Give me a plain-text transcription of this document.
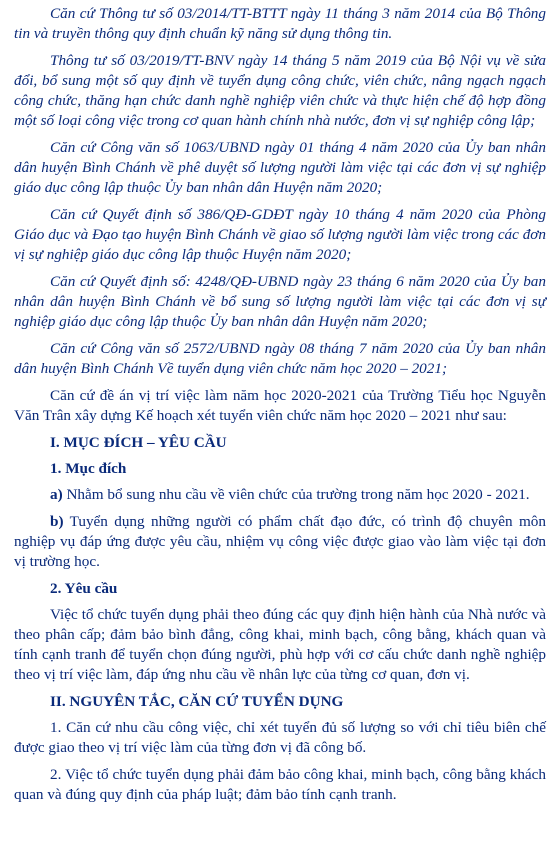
Căn cứ Thông tư số 03/2014/TT-BTTT ngày 11 tháng 3 năm 2014 của Bộ Thông tin và truyền thông quy định chuẩn kỹ năng sử dụng thông tin.

Thông tư số 03/2019/TT-BNV ngày 14 tháng 5 năm 2019 của Bộ Nội vụ về sửa đổi, bổ sung một số quy định về tuyển dụng công chức, viên chức, nâng ngạch ngạch công chức, thăng hạn chức danh nghề nghiệp viên chức và thực hiện chế độ hợp đồng một số loại công việc trong cơ quan hành chính nhà nước, đơn vị sự nghiệp công lập;

Căn cứ Công văn số 1063/UBND ngày 01 tháng 4 năm 2020 của Ủy ban nhân dân huyện Bình Chánh về phê duyệt số lượng người làm việc tại các đơn vị sự nghiệp giáo dục công lập thuộc Ủy ban nhân dân Huyện năm 2020;

Căn cứ Quyết định số 386/QĐ-GDĐT ngày 10 tháng 4 năm 2020 của Phòng Giáo dục và Đạo tạo huyện Bình Chánh về giao số lượng người làm việc trong các đơn vị sự nghiệp giáo dục công lập thuộc Huyện năm 2020;

Căn cứ Quyết định số: 4248/QĐ-UBND ngày 23 tháng 6 năm 2020 của Ủy ban nhân dân huyện Bình Chánh về bổ sung số lượng người làm việc tại các đơn vị sự nghiệp giáo dục công lập thuộc Ủy ban nhân dân Huyện năm 2020;

Căn cứ Công văn số 2572/UBND ngày 08 tháng 7 năm 2020 của Ủy ban nhân dân huyện Bình Chánh Về tuyển dụng viên chức năm học 2020 – 2021;

Căn cứ đề án vị trí việc làm năm học 2020-2021 của Trường Tiểu học Nguyễn Văn Trân xây dựng Kế hoạch xét tuyển viên chức năm học 2020 – 2021 như sau:

I. MỤC ĐÍCH – YÊU CẦU
1. Mục đích

a) Nhằm bổ sung nhu cầu về viên chức của trường trong năm học 2020 - 2021.

b) Tuyển dụng những người có phẩm chất đạo đức, có trình độ chuyên môn nghiệp vụ đáp ứng được yêu cầu, nhiệm vụ công việc được giao vào làm việc tại đơn vị trường học.

2. Yêu cầu

Việc tổ chức tuyển dụng phải theo đúng các quy định hiện hành của Nhà nước và theo phân cấp; đảm bảo bình đẳng, công khai, minh bạch, công bằng, khách quan và tính cạnh tranh để tuyển chọn đúng người, phù hợp với cơ cấu chức danh nghề nghiệp theo vị trí việc làm, đáp ứng nhu cầu về nhân lực của từng cơ quan, đơn vị.

II. NGUYÊN TẮC, CĂN CỨ TUYỂN DỤNG

1. Căn cứ nhu cầu công việc, chỉ xét tuyển đủ số lượng so với chỉ tiêu biên chế được giao theo vị trí việc làm của từng đơn vị đã công bố.

2. Việc tổ chức tuyển dụng phải đảm bảo công khai, minh bạch, công bằng khách quan và đúng quy định của pháp luật; đảm bảo tính cạnh tranh.
